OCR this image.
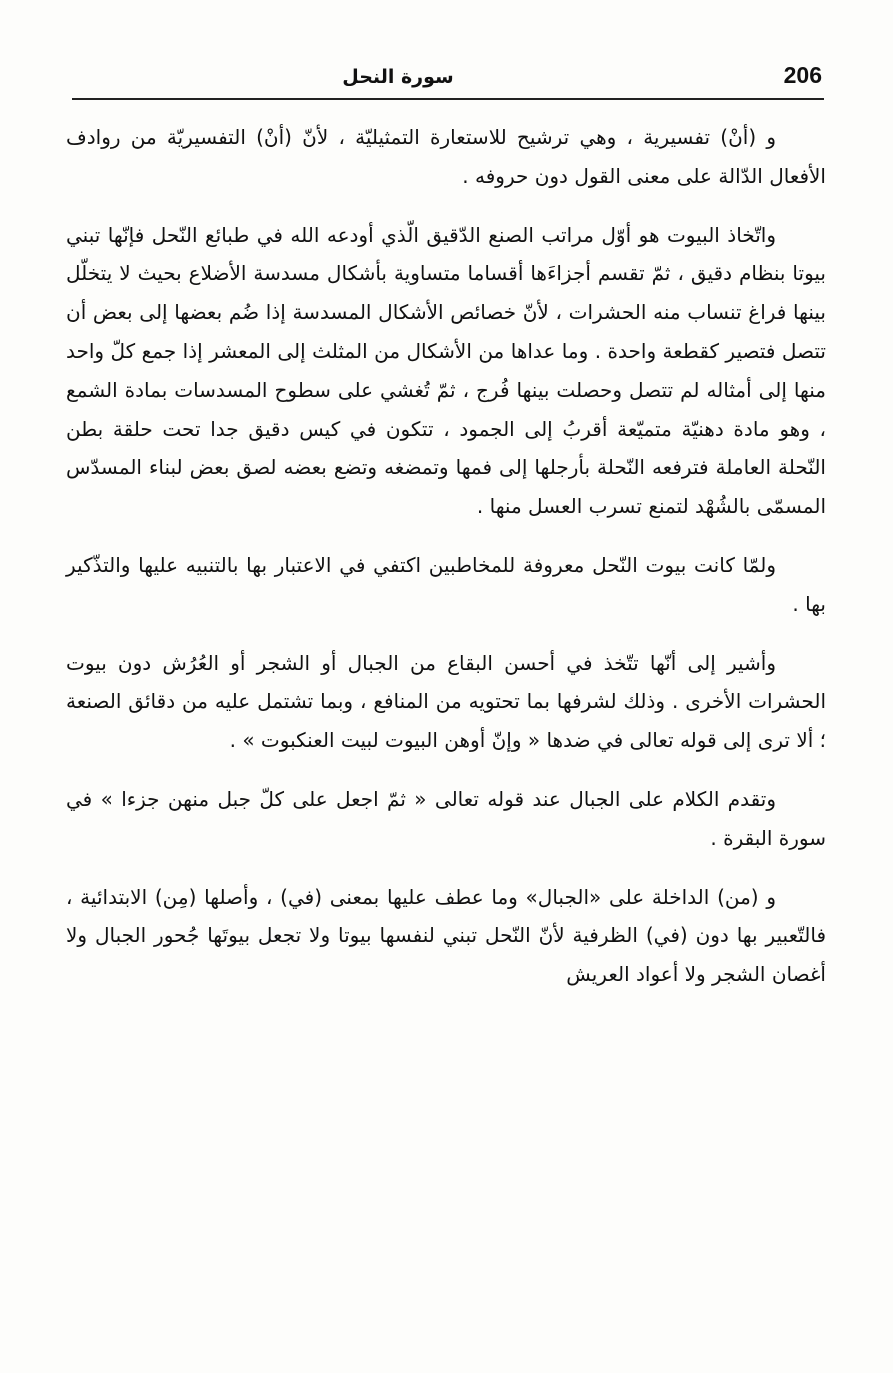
206
سورة النحل

و (أنْ) تفسيرية ، وهي ترشيح للاستعارة التمثيليّة ، لأنّ (أنْ) التفسيريّة من روادف الأفعال الدّالة على معنى القول دون حروفه .

واتّخاذ البيوت هو أوّل مراتب الصنع الدّقيق الّذي أودعه الله في طبائع النّحل فإنّها تبني بيوتا بنظام دقيق ، ثمّ تقسم أجزاءَها أقساما متساوية بأشكال مسدسة الأضلاع بحيث لا يتخلّل بينها فراغ تنساب منه الحشرات ، لأنّ خصائص الأشكال المسدسة إذا ضُم بعضها إلى بعض أن تتصل فتصير كقطعة واحدة . وما عداها من الأشكال من المثلث إلى المعشر إذا جمع كلّ واحد منها إلى أمثاله لم تتصل وحصلت بينها فُرج ، ثمّ تُغشي على سطوح المسدسات بمادة الشمع ، وهو مادة دهنيّة متميّعة أقربُ إلى الجمود ، تتكون في كيس دقيق جدا تحت حلقة بطن النّحلة العاملة فترفعه النّحلة بأرجلها إلى فمها وتمضغه وتضع بعضه لصق بعض لبناء المسدّس المسمّى بالشُهْد لتمنع تسرب العسل منها .

ولمّا كانت بيوت النّحل معروفة للمخاطبين اكتفي في الاعتبار بها بالتنبيه عليها والتذّكير بها .

وأشير إلى أنّها تتّخذ في أحسن البقاع من الجبال أو الشجر أو العُرُش دون بيوت الحشرات الأخرى . وذلك لشرفها بما تحتويه من المنافع ، وبما تشتمل عليه من دقائق الصنعة ؛ ألا ترى إلى قوله تعالى في ضدها « وإنّ أوهن البيوت لبيت العنكبوت » .

وتقدم الكلام على الجبال عند قوله تعالى « ثمّ اجعل على كلّ جبل منهن جزءا » في سورة البقرة .

و (من) الداخلة على «الجبال» وما عطف عليها بمعنى (في) ، وأصلها (مِن) الابتدائية ، فالتّعبير بها دون (في) الظرفية لأنّ النّحل تبني لنفسها بيوتا ولا تجعل بيوتَها جُحور الجبال ولا أغصان الشجر ولا أعواد العريش
